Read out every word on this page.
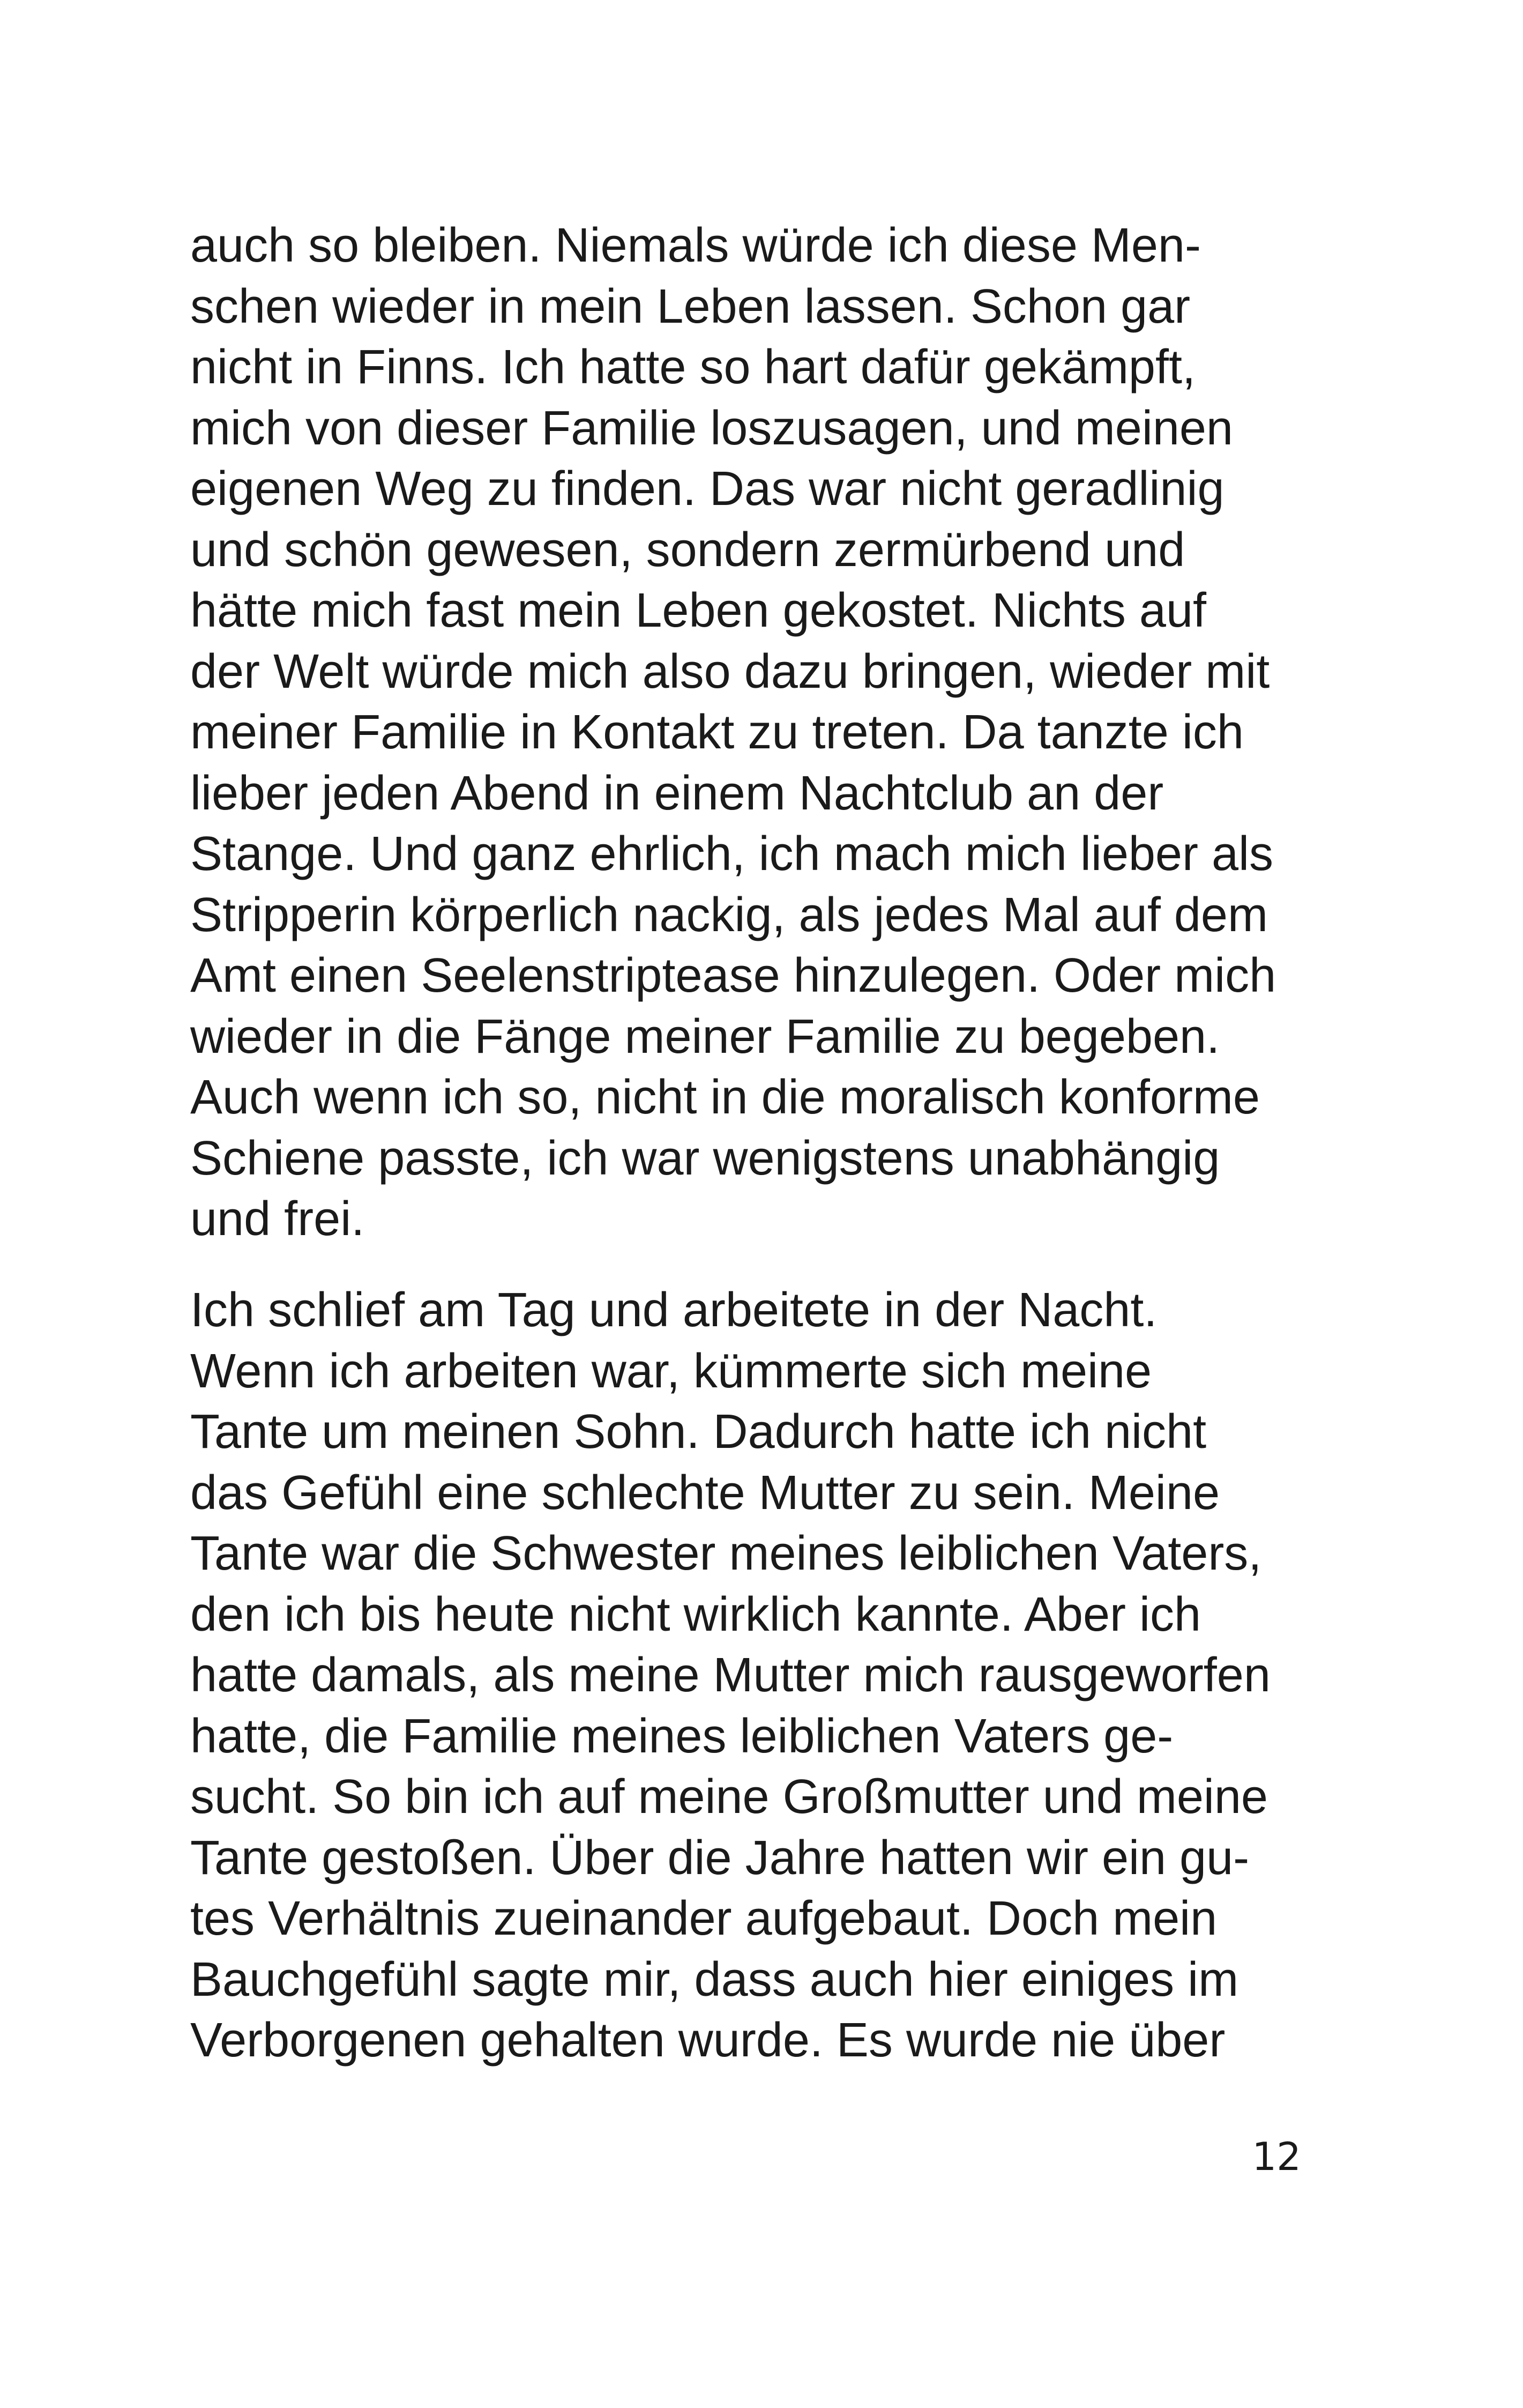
auch so bleiben. Niemals würde ich diese Men-
schen wieder in mein Leben lassen. Schon gar
nicht in Finns. Ich hatte so hart dafür gekämpft,
mich von dieser Familie loszusagen, und meinen
eigenen Weg zu finden. Das war nicht geradlinig
und schön gewesen, sondern zermürbend und
hätte mich fast mein Leben gekostet. Nichts auf
der Welt würde mich also dazu bringen, wieder mit
meiner Familie in Kontakt zu treten. Da tanzte ich
lieber jeden Abend in einem Nachtclub an der
Stange. Und ganz ehrlich, ich mach mich lieber als
Stripperin körperlich nackig, als jedes Mal auf dem
Amt einen Seelenstriptease hinzulegen. Oder mich
wieder in die Fänge meiner Familie zu begeben.
Auch wenn ich so, nicht in die moralisch konforme
Schiene passte, ich war wenigstens unabhängig
und frei.
Ich schlief am Tag und arbeitete in der Nacht.
Wenn ich arbeiten war, kümmerte sich meine
Tante um meinen Sohn. Dadurch hatte ich nicht
das Gefühl eine schlechte Mutter zu sein. Meine
Tante war die Schwester meines leiblichen Vaters,
den ich bis heute nicht wirklich kannte. Aber ich
hatte damals, als meine Mutter mich rausgeworfen
hatte, die Familie meines leiblichen Vaters ge-
sucht. So bin ich auf meine Großmutter und meine
Tante gestoßen. Über die Jahre hatten wir ein gu-
tes Verhältnis zueinander aufgebaut. Doch mein
Bauchgefühl sagte mir, dass auch hier einiges im
Verborgenen gehalten wurde. Es wurde nie über
12
